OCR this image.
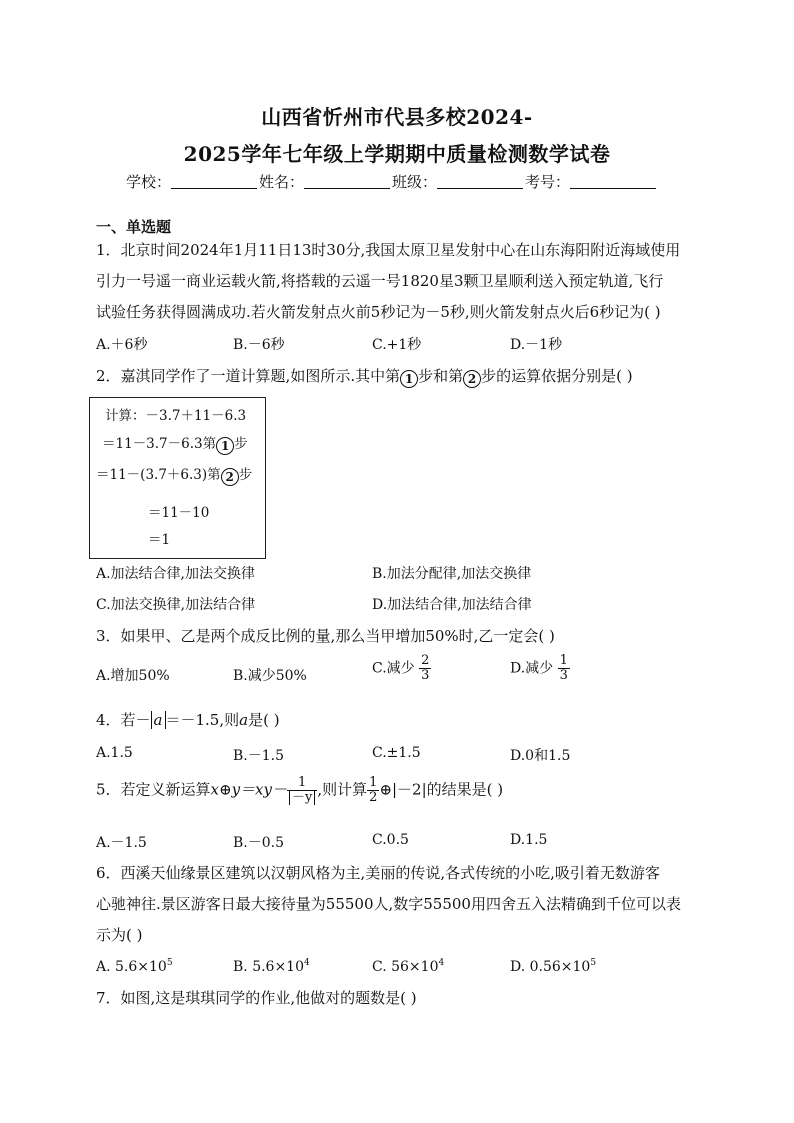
山西省忻州市代县多校2024-
2025学年七年级上学期期中质量检测数学试卷
学校：	姓名：	班级：	考号：
一、单选题
1．北京时间2024年1月11日13时30分,我国太原卫星发射中心在山东海阳附近海域使用
引力一号遥一商业运载火箭,将搭载的云遥一号1820星3颗卫星顺利送入预定轨道,飞行
试验任务获得圆满成功.若火箭发射点火前5秒记为－5秒,则火箭发射点火后6秒记为( )
A.＋6秒	B.－6秒	C.+1秒	D.－1秒
2．嘉淇同学作了一道计算题,如图所示.其中第 1 步和第 2 步的运算依据分别是( )
计算：－3.7＋11－6.3
＝11－3.7－6.3第 1 步
＝11－(3.7＋6.3)第 2 步
＝11－10
＝1
A.加法结合律,加法交换律	B.加法分配律,加法交换律
C.加法交换律,加法结合律	D.加法结合律,加法结合律
3．如果甲、乙是两个成反比例的量,那么当甲增加50%时,乙一定会( )
A.增加50%	B.减少50%	C.减少 $\frac{2}{3}$	D.减少 $\frac{1}{3}$
4．若－ a ＝－1.5,则a是( )
A.1.5	B.－1.5	C.±1.5	D.0和1.5
5．若定义新运算x⊕y＝xy－ $\frac{1}{-y}$ ,则计算 $\frac{1}{2}$ ⊕|－2|的结果是( )
A.－1.5	B.－0.5	C.0.5	D.1.5
6．西溪天仙缘景区建筑以汉朝风格为主,美丽的传说,各式传统的小吃,吸引着无数游客
心驰神往.景区游客日最大接待量为55500人,数字55500用四舍五入法精确到千位可以表
示为( )
A. $5.6\times 10^5$	B. $5.6\times 10^4$	C. $56\times 10^4$	D. $0.56\times 10^5$
7．如图,这是琪琪同学的作业,他做对的题数是( )
